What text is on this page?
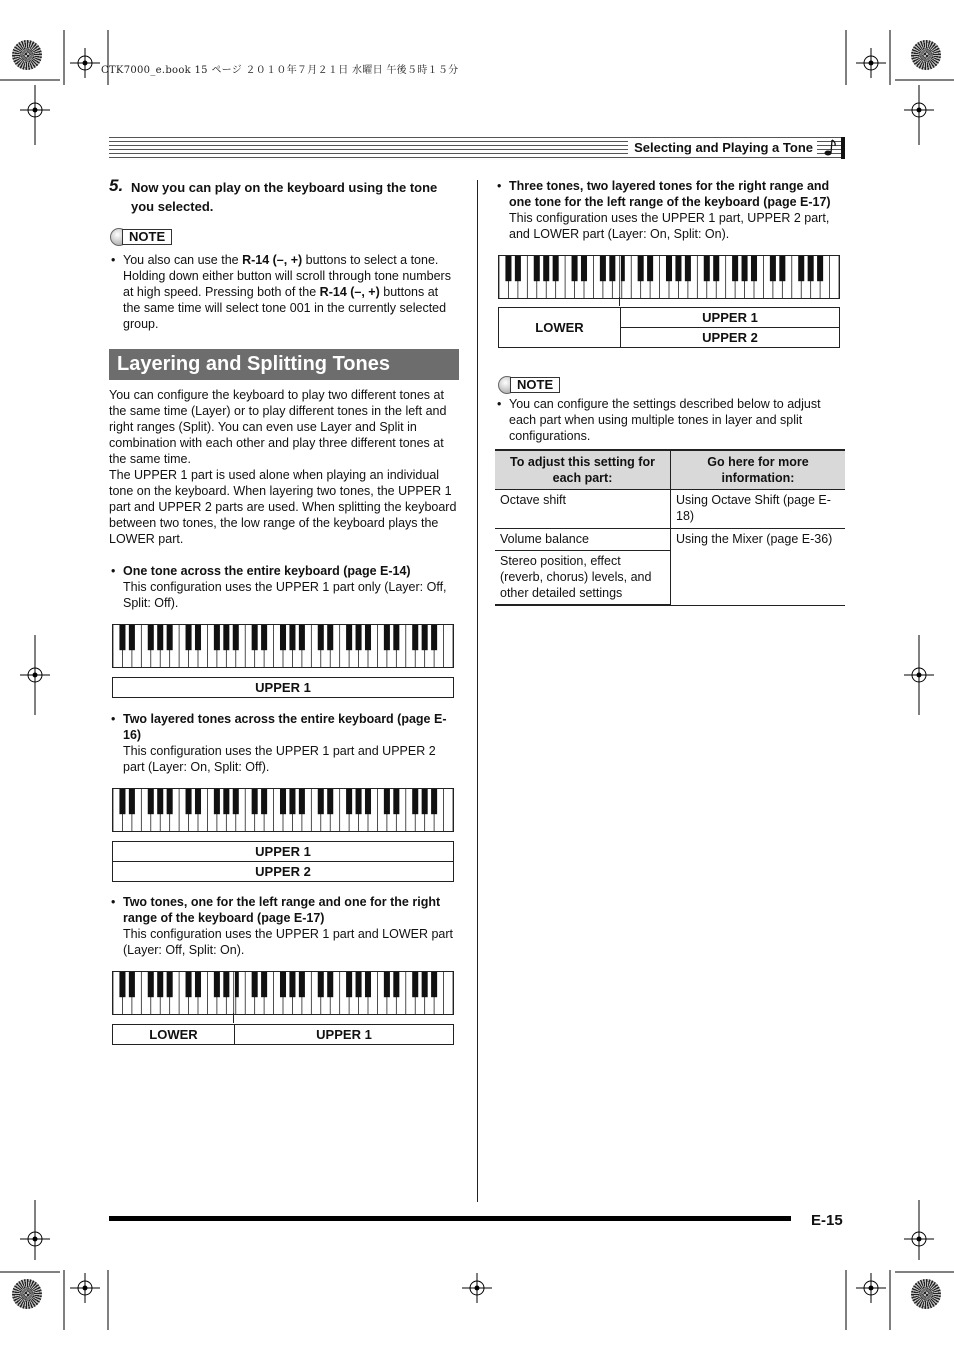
CTK7000_e.book 15 ページ ２０１０年７月２１日 水曜日 午後５時１５分
Selecting and Playing a Tone
5. Now you can play on the keyboard using the tone you selected.

NOTE
• You also can use the R-14 (–, +) buttons to select a tone. Holding down either button will scroll through tone numbers at high speed. Pressing both of the R-14 (–, +) buttons at the same time will select tone 001 in the currently selected group.
Layering and Splitting Tones

You can configure the keyboard to play two different tones at the same time (Layer) or to play different tones in the left and right ranges (Split). You can even use Layer and Split in combination with each other and play three different tones at the same time.

The UPPER 1 part is used alone when playing an individual tone on the keyboard. When layering two tones, the UPPER 1 part and UPPER 2 parts are used. When splitting the keyboard between two tones, the low range of the keyboard plays the LOWER part.

• One tone across the entire keyboard (page E-14)
This configuration uses the UPPER 1 part only (Layer: Off, Split: Off).
UPPER 1
• Two layered tones across the entire keyboard (page E-16)
This configuration uses the UPPER 1 part and UPPER 2 part (Layer: On, Split: Off).
UPPER 1
UPPER 2
• Two tones, one for the left range and one for the right range of the keyboard (page E-17)
This configuration uses the UPPER 1 part and LOWER part (Layer: Off, Split: On).
LOWER	UPPER 1
• Three tones, two layered tones for the right range and one tone for the left range of the keyboard (page E-17)
This configuration uses the UPPER 1 part, UPPER 2 part, and LOWER part (Layer: On, Split: On).
LOWER	UPPER 1
UPPER 2
NOTE
• You can configure the settings described below to adjust each part when using multiple tones in layer and split configurations.
To adjust this setting for each part:	Go here for more information:
Octave shift	Using Octave Shift (page E-18)
Volume balance	Using the Mixer (page E-36)
Stereo position, effect (reverb, chorus) levels, and other detailed settings	
E-15
